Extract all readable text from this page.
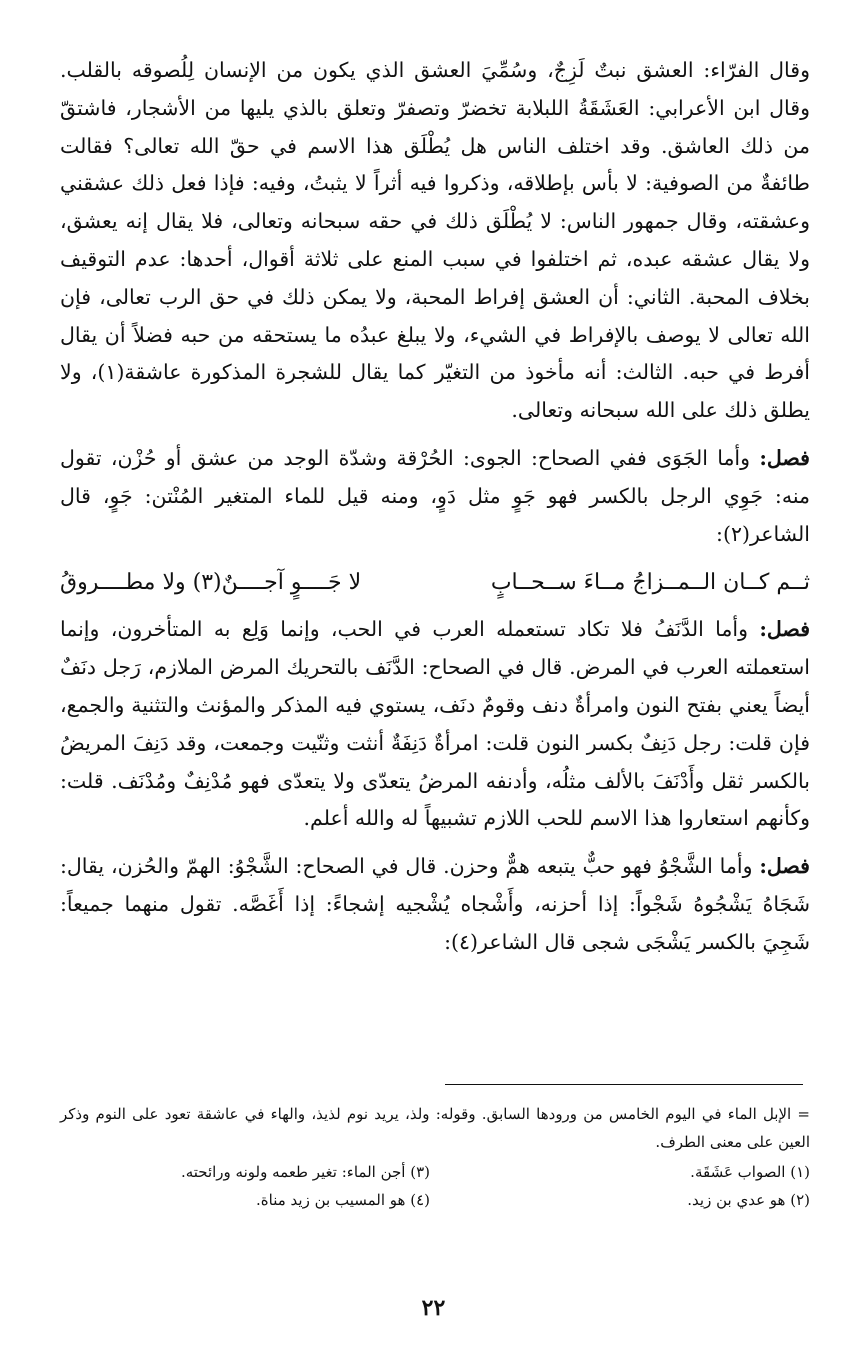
وقال الفرّاء: العشق نبتٌ لَزِجٌ، وسُمِّيَ العشق الذي يكون من الإنسان لِلُصوقه بالقلب. وقال ابن الأعرابي: العَشَقَةُ اللبلابة تخضرّ وتصفرّ وتعلق بالذي يليها من الأشجار، فاشتقّ من ذلك العاشق. وقد اختلف الناس هل يُطْلَق هذا الاسم في حقّ الله تعالى؟ فقالت طائفةٌ من الصوفية: لا بأس بإطلاقه، وذكروا فيه أثراً لا يثبتُ، وفيه: فإذا فعل ذلك عشقني وعشقته، وقال جمهور الناس: لا يُطْلَق ذلك في حقه سبحانه وتعالى، فلا يقال إنه يعشق، ولا يقال عشقه عبده، ثم اختلفوا في سبب المنع على ثلاثة أقوال، أحدها: عدم التوقيف بخلاف المحبة. الثاني: أن العشق إفراط المحبة، ولا يمكن ذلك في حق الرب تعالى، فإن الله تعالى لا يوصف بالإفراط في الشيء، ولا يبلغ عبدُه ما يستحقه من حبه فضلاً أن يقال أفرط في حبه. الثالث: أنه مأخوذ من التغيّر كما يقال للشجرة المذكورة عاشقة(١)، ولا يطلق ذلك على الله سبحانه وتعالى.

فصل: وأما الجَوَى ففي الصحاح: الجوى: الحُرْقة وشدّة الوجد من عشق أو حُزْن، تقول منه: جَوِي الرجل بالكسر فهو جَوٍ مثل دَوٍ، ومنه قيل للماء المتغير المُنْتن: جَوٍ، قال الشاعر(٢):

ثــم كــان الــمــزاجُ مــاءَ ســحــابٍ
لا جَــــوٍ آجــــنٌ(٣) ولا مطــــروقُ

فصل: وأما الدَّنَفُ فلا تكاد تستعمله العرب في الحب، وإنما وَلِع به المتأخرون، وإنما استعملته العرب في المرض. قال في الصحاح: الدَّنَف بالتحريك المرض الملازم، رَجل دنَفٌ أيضاً يعني بفتح النون وامرأةٌ دنف وقومٌ دنَف، يستوي فيه المذكر والمؤنث والتثنية والجمع، فإن قلت: رجل دَنِفٌ بكسر النون قلت: امرأةٌ دَنِفَةٌ أنثت وثنّيت وجمعت، وقد دَنِفَ المريضُ بالكسر ثقل وأَدْنَفَ بالألف مثلُه، وأدنفه المرضُ يتعدّى ولا يتعدّى فهو مُدْنِفٌ ومُدْنَف. قلت: وكأنهم استعاروا هذا الاسم للحب اللازم تشبيهاً له والله أعلم.

فصل: وأما الشَّجْوُ فهو حبٌّ يتبعه همٌّ وحزن. قال في الصحاح: الشَّجْوُ: الهمّ والحُزن، يقال: شَجَاهُ يَشْجُوهُ شَجْواً: إذا أحزنه، وأَشْجاه يُشْجيه إشجاءً: إذا أَغَصَّه. تقول منهما جميعاً: شَجِيَ بالكسر يَشْجَى شجى قال الشاعر(٤):

= الإبل الماء في اليوم الخامس من ورودها السابق. وقوله: ولذ، يريد نوم لذيذ، والهاء في عاشقة تعود على النوم وذكر العين على معنى الطرف.

(١) الصواب عَشَقَة.
(٣) أجن الماء: تغير طعمه ولونه ورائحته.
(٢) هو عدي بن زيد.
(٤) هو المسيب بن زيد مناة.
٢٢
